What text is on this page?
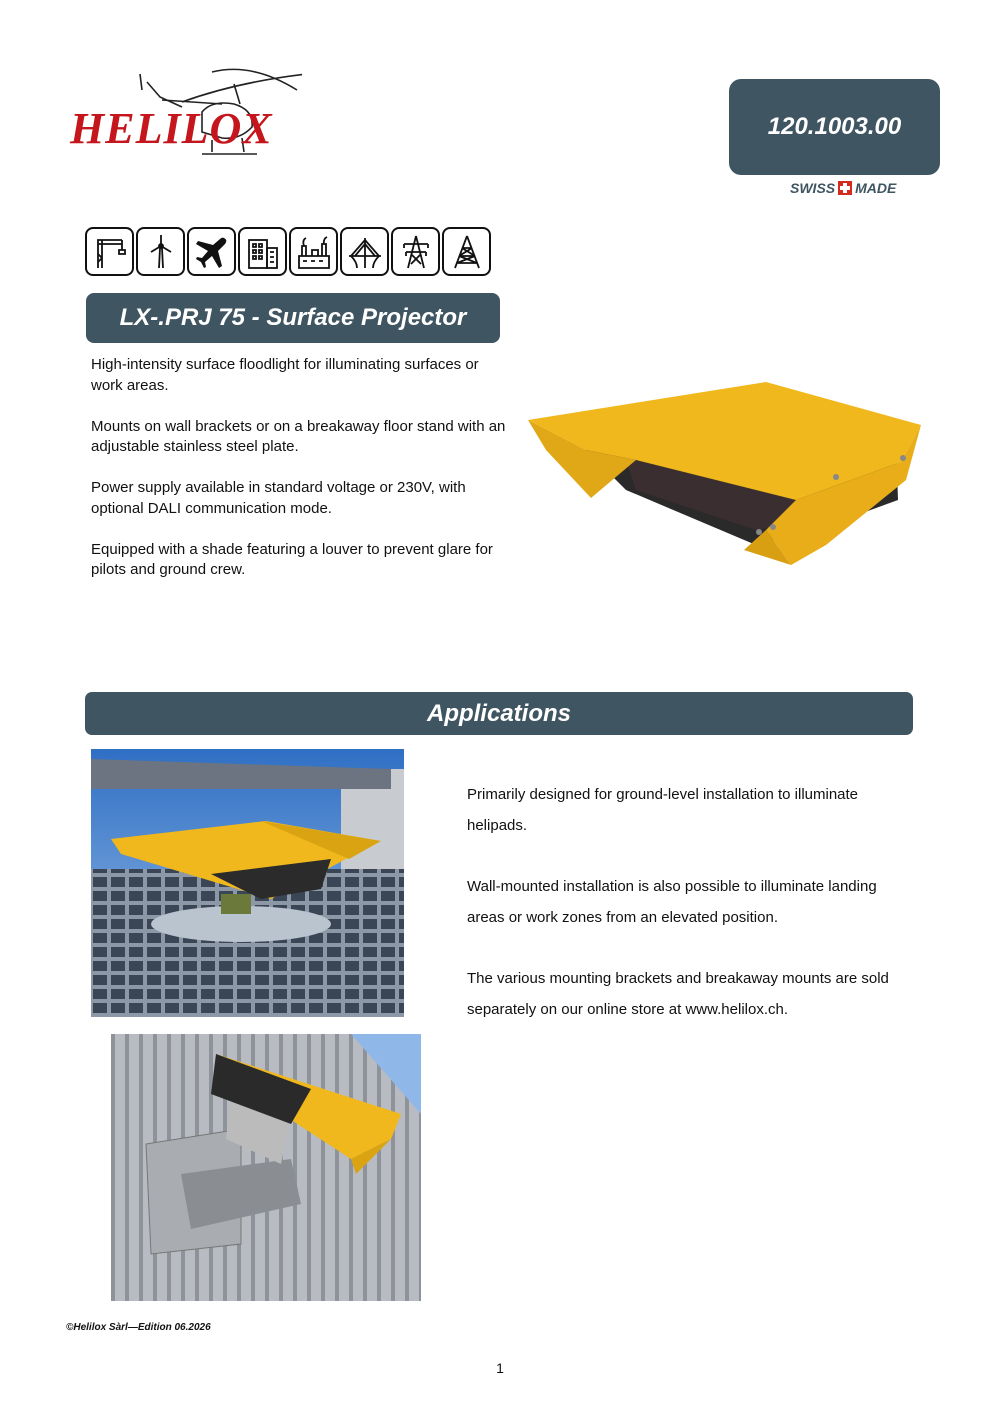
HELILOX	120.1003.00
SWISS MADE
LX-.PRJ 75 - Surface Projector

High-intensity surface floodlight for illuminating surfaces or work areas.

Mounts on wall brackets or on a breakaway floor stand with an adjustable stainless steel plate.

Power supply available in standard voltage or 230V, with optional DALI communication mode.

Equipped with a shade featuring a louver to prevent glare for pilots and ground crew.

Applications

Primarily designed for ground-level installation to illuminate helipads.

Wall-mounted installation is also possible to illuminate landing areas or work zones from an elevated position.

The various mounting brackets and breakaway mounts are sold separately on our online store at www.helilox.ch.

©Helilox Sàrl—Edition 06.2026
1
